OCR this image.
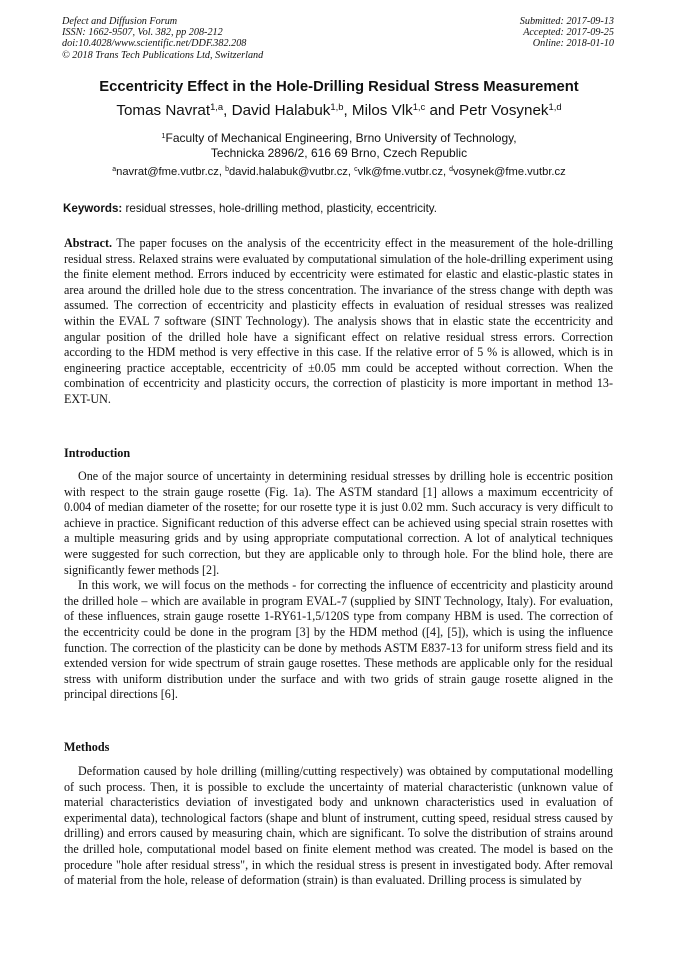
Defect and Diffusion Forum
ISSN: 1662-9507, Vol. 382, pp 208-212
doi:10.4028/www.scientific.net/DDF.382.208
© 2018 Trans Tech Publications Ltd, Switzerland
Submitted: 2017-09-13
Accepted: 2017-09-25
Online: 2018-01-10
Eccentricity Effect in the Hole-Drilling Residual Stress Measurement
Tomas Navrat$^{1,a}$, David Halabuk$^{1,b}$, Milos Vlk$^{1,c}$ and Petr Vosynek$^{1,d}$
$^1$Faculty of Mechanical Engineering, Brno University of Technology,
Technicka 2896/2, 616 69 Brno, Czech Republic
$^a$navrat@fme.vutbr.cz, $^b$david.halabuk@vutbr.cz, $^c$vlk@fme.vutbr.cz, $^d$vosynek@fme.vutbr.cz
Keywords: residual stresses, hole-drilling method, plasticity, eccentricity.
Abstract. The paper focuses on the analysis of the eccentricity effect in the measurement of the hole-drilling residual stress. Relaxed strains were evaluated by computational simulation of the hole-drilling experiment using the finite element method. Errors induced by eccentricity were estimated for elastic and elastic-plastic states in area around the drilled hole due to the stress concentration. The invariance of the stress change with depth was assumed. The correction of eccentricity and plasticity effects in evaluation of residual stresses was realized within the EVAL 7 software (SINT Technology). The analysis shows that in elastic state the eccentricity and angular position of the drilled hole have a significant effect on relative residual stress errors. Correction according to the HDM method is very effective in this case. If the relative error of 5 % is allowed, which is in engineering practice acceptable, eccentricity of ±0.05 mm could be accepted without correction. When the combination of eccentricity and plasticity occurs, the correction of plasticity is more important in method 13-EXT-UN.
Introduction

One of the major source of uncertainty in determining residual stresses by drilling hole is eccentric position with respect to the strain gauge rosette (Fig. 1a). The ASTM standard [1] allows a maximum eccentricity of 0.004 of median diameter of the rosette; for our rosette type it is just 0.02 mm. Such accuracy is very difficult to achieve in practice. Significant reduction of this adverse effect can be achieved using special strain rosettes with a multiple measuring grids and by using appropriate computational correction. A lot of analytical techniques were suggested for such correction, but they are applicable only to through hole. For the blind hole, there are significantly fewer methods [2].

In this work, we will focus on the methods - for correcting the influence of eccentricity and plasticity around the drilled hole – which are available in program EVAL-7 (supplied by SINT Technology, Italy). For evaluation, of these influences, strain gauge rosette 1-RY61-1,5/120S type from company HBM is used. The correction of the eccentricity could be done in the program [3] by the HDM method ([4], [5]), which is using the influence function. The correction of the plasticity can be done by methods ASTM E837-13 for uniform stress field and its extended version for wide spectrum of strain gauge rosettes. These methods are applicable only for the residual stress with uniform distribution under the surface and with two grids of strain gauge rosette aligned in the principal directions [6].

Methods

Deformation caused by hole drilling (milling/cutting respectively) was obtained by computational modelling of such process. Then, it is possible to exclude the uncertainty of material characteristic (unknown value of material characteristics deviation of investigated body and unknown characteristics used in evaluation of experimental data), technological factors (shape and blunt of instrument, cutting speed, residual stress caused by drilling) and errors caused by measuring chain, which are significant. To solve the distribution of strains around the drilled hole, computational model based on finite element method was created. The model is based on the procedure "hole after residual stress", in which the residual stress is present in investigated body. After removal of material from the hole, release of deformation (strain) is than evaluated. Drilling process is simulated by
